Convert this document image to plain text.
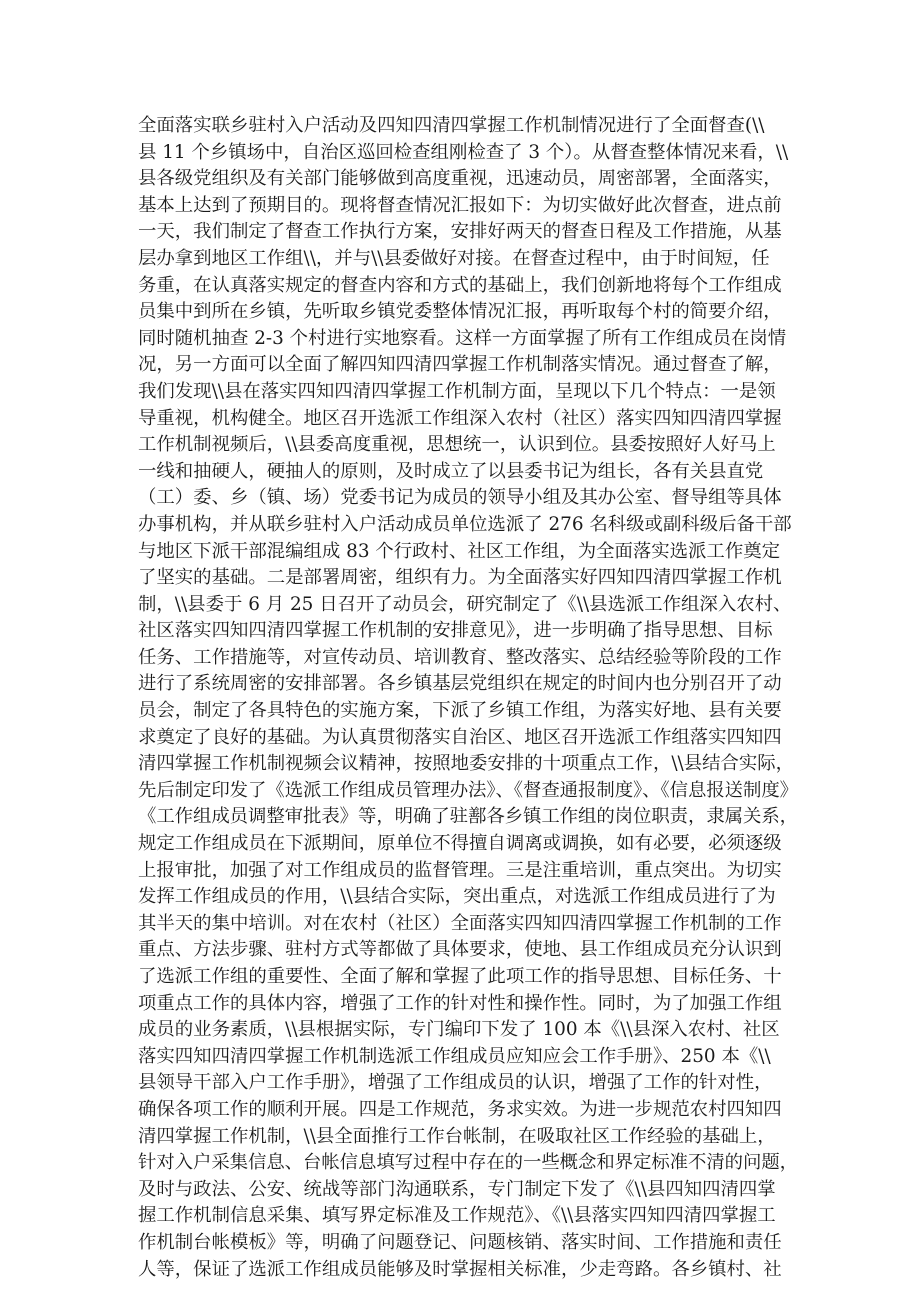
全面落实联乡驻村入户活动及四知四清四掌握工作机制情况进行了全面督查(\\
县 11 个乡镇场中，自治区巡回检查组刚检查了 3 个）。从督查整体情况来看，\\
县各级党组织及有关部门能够做到高度重视，迅速动员，周密部署，全面落实，
基本上达到了预期目的。现将督查情况汇报如下：为切实做好此次督查，进点前
一天，我们制定了督查工作执行方案，安排好两天的督查日程及工作措施，从基
层办拿到地区工作组\\，并与\\县委做好对接。在督查过程中，由于时间短，任
务重，在认真落实规定的督查内容和方式的基础上，我们创新地将每个工作组成
员集中到所在乡镇，先听取乡镇党委整体情况汇报，再听取每个村的简要介绍，
同时随机抽查 2-3 个村进行实地察看。这样一方面掌握了所有工作组成员在岗情
况，另一方面可以全面了解四知四清四掌握工作机制落实情况。通过督查了解，
我们发现\\县在落实四知四清四掌握工作机制方面，呈现以下几个特点：一是领
导重视，机构健全。地区召开选派工作组深入农村（社区）落实四知四清四掌握
工作机制视频后，\\县委高度重视，思想统一，认识到位。县委按照好人好马上
一线和抽硬人，硬抽人的原则，及时成立了以县委书记为组长，各有关县直党
（工）委、乡（镇、场）党委书记为成员的领导小组及其办公室、督导组等具体
办事机构，并从联乡驻村入户活动成员单位选派了 276 名科级或副科级后备干部
与地区下派干部混编组成 83 个行政村、社区工作组，为全面落实选派工作奠定
了坚实的基础。二是部署周密，组织有力。为全面落实好四知四清四掌握工作机
制，\\县委于 6 月 25 日召开了动员会，研究制定了《\\县选派工作组深入农村、
社区落实四知四清四掌握工作机制的安排意见》，进一步明确了指导思想、目标
任务、工作措施等，对宣传动员、培训教育、整改落实、总结经验等阶段的工作
进行了系统周密的安排部署。各乡镇基层党组织在规定的时间内也分别召开了动
员会，制定了各具特色的实施方案，下派了乡镇工作组，为落实好地、县有关要
求奠定了良好的基础。为认真贯彻落实自治区、地区召开选派工作组落实四知四
清四掌握工作机制视频会议精神，按照地委安排的十项重点工作，\\县结合实际，
先后制定印发了《选派工作组成员管理办法》、《督查通报制度》、《信息报送制度》
《工作组成员调整审批表》等，明确了驻鄯各乡镇工作组的岗位职责，隶属关系，
规定工作组成员在下派期间，原单位不得擅自调离或调换，如有必要，必须逐级
上报审批，加强了对工作组成员的监督管理。三是注重培训，重点突出。为切实
发挥工作组成员的作用，\\县结合实际，突出重点，对选派工作组成员进行了为
其半天的集中培训。对在农村（社区）全面落实四知四清四掌握工作机制的工作
重点、方法步骤、驻村方式等都做了具体要求，使地、县工作组成员充分认识到
了选派工作组的重要性、全面了解和掌握了此项工作的指导思想、目标任务、十
项重点工作的具体内容，增强了工作的针对性和操作性。同时，为了加强工作组
成员的业务素质，\\县根据实际，专门编印下发了 100 本《\\县深入农村、社区
落实四知四清四掌握工作机制选派工作组成员应知应会工作手册》、250 本《\\
县领导干部入户工作手册》，增强了工作组成员的认识，增强了工作的针对性，
确保各项工作的顺利开展。四是工作规范，务求实效。为进一步规范农村四知四
清四掌握工作机制，\\县全面推行工作台帐制，在吸取社区工作经验的基础上，
针对入户采集信息、台帐信息填写过程中存在的一些概念和界定标准不清的问题，
及时与政法、公安、统战等部门沟通联系，专门制定下发了《\\县四知四清四掌
握工作机制信息采集、填写界定标准及工作规范》、《\\县落实四知四清四掌握工
作机制台帐模板》等，明确了问题登记、问题核销、落实时间、工作措施和责任
人等，保证了选派工作组成员能够及时掌握相关标准，少走弯路。各乡镇村、社
